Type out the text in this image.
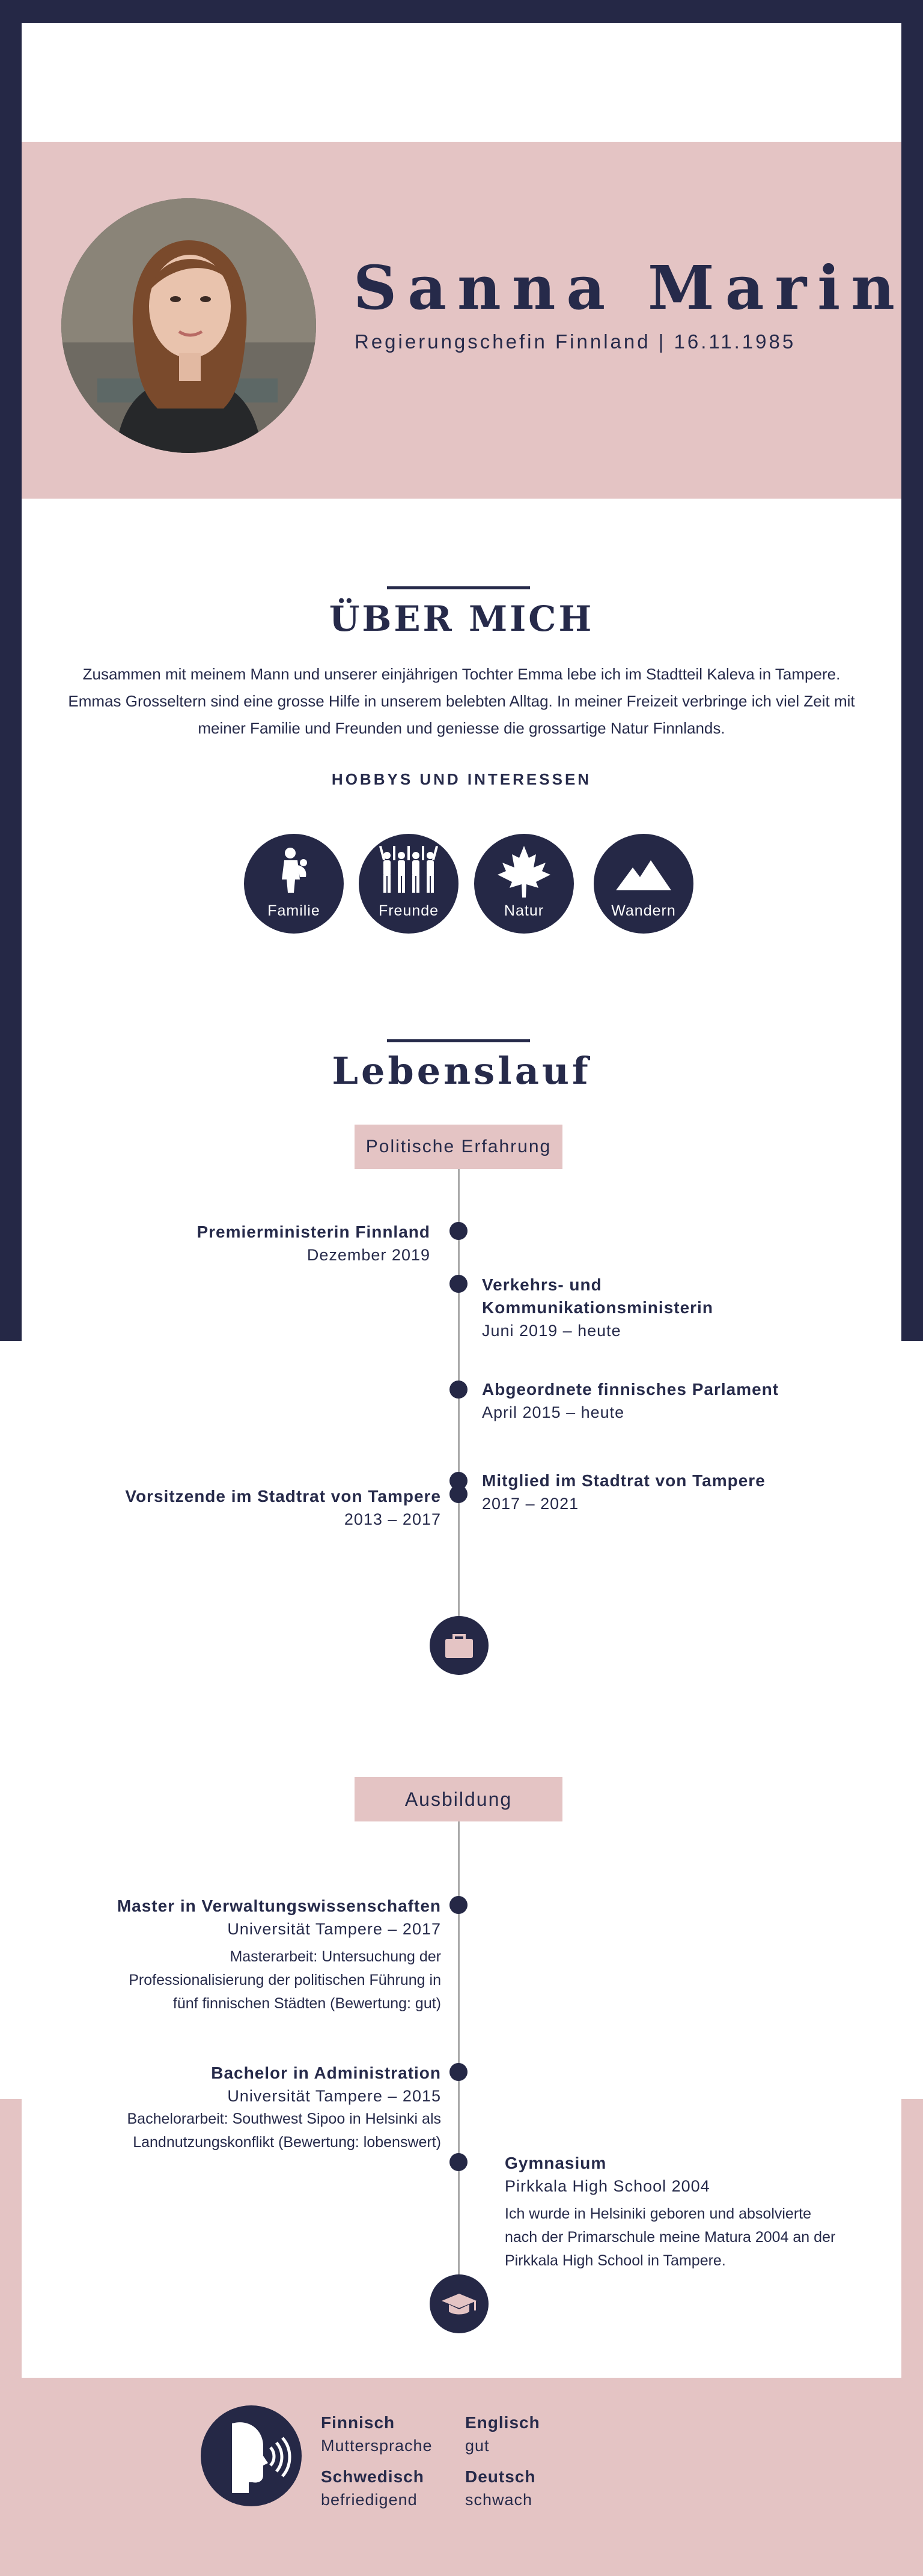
Sanna Marin
Regierungschefin Finnland | 16.11.1985
ÜBER MICH
Zusammen mit meinem Mann und unserer einjährigen Tochter Emma lebe ich im Stadtteil Kaleva in Tampere.
Emmas Grosseltern sind eine grosse Hilfe in unserem belebten Alltag. In meiner Freizeit verbringe ich viel Zeit mit
meiner Familie und Freunden und geniesse die grossartige Natur Finnlands.
HOBBYS UND INTERESSEN
Familie	Freunde	Natur	Wandern
Lebenslauf
Politische Erfahrung
Premierministerin Finnland
Dezember 2019
Verkehrs- und
Kommunikationsministerin
Juni 2019 – heute
Abgeordnete finnisches Parlament
April 2015 – heute
Mitglied im Stadtrat von Tampere
2017 – 2021
Vorsitzende im Stadtrat von Tampere
2013 – 2017
Ausbildung
Master in Verwaltungswissenschaften
Universität Tampere – 2017
Masterarbeit: Untersuchung der
Professionalisierung der politischen Führung in
fünf finnischen Städten (Bewertung: gut)
Bachelor in Administration
Universität Tampere – 2015
Bachelorarbeit: Southwest Sipoo in Helsinki als
Landnutzungskonflikt (Bewertung: lobenswert)
Gymnasium
Pirkkala High School 2004
Ich wurde in Helsiniki geboren und absolvierte
nach der Primarschule meine Matura 2004 an der
Pirkkala High School in Tampere.
Finnisch
Muttersprache
Englisch
gut
Schwedisch
befriedigend
Deutsch
schwach
